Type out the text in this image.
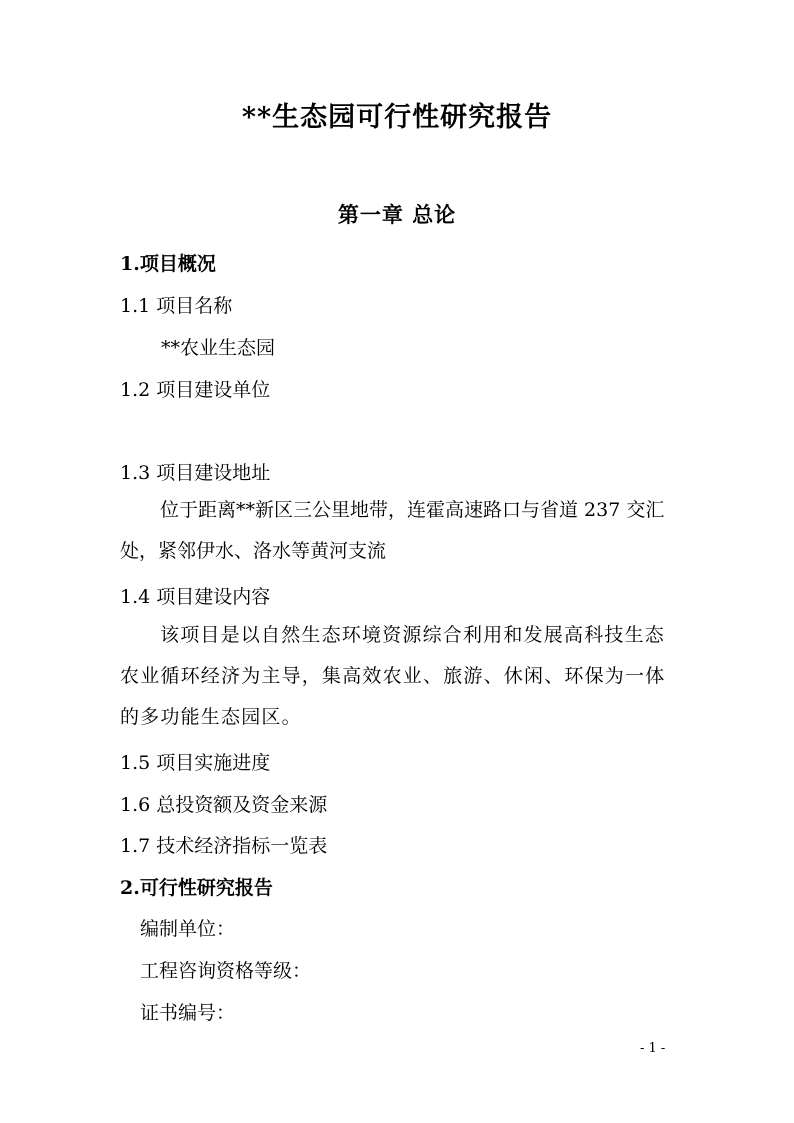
**生态园可行性研究报告
第一章 总论
1.项目概况
1.1 项目名称
**农业生态园
1.2 项目建设单位
1.3 项目建设地址
位于距离**新区三公里地带，连霍高速路口与省道 237 交汇处，紧邻伊水、洛水等黄河支流
1.4 项目建设内容
该项目是以自然生态环境资源综合利用和发展高科技生态农业循环经济为主导，集高效农业、旅游、休闲、环保为一体的多功能生态园区。
1.5 项目实施进度
1.6 总投资额及资金来源
1.7 技术经济指标一览表
2.可行性研究报告
编制单位：
工程咨询资格等级：
证书编号：
- 1 -
